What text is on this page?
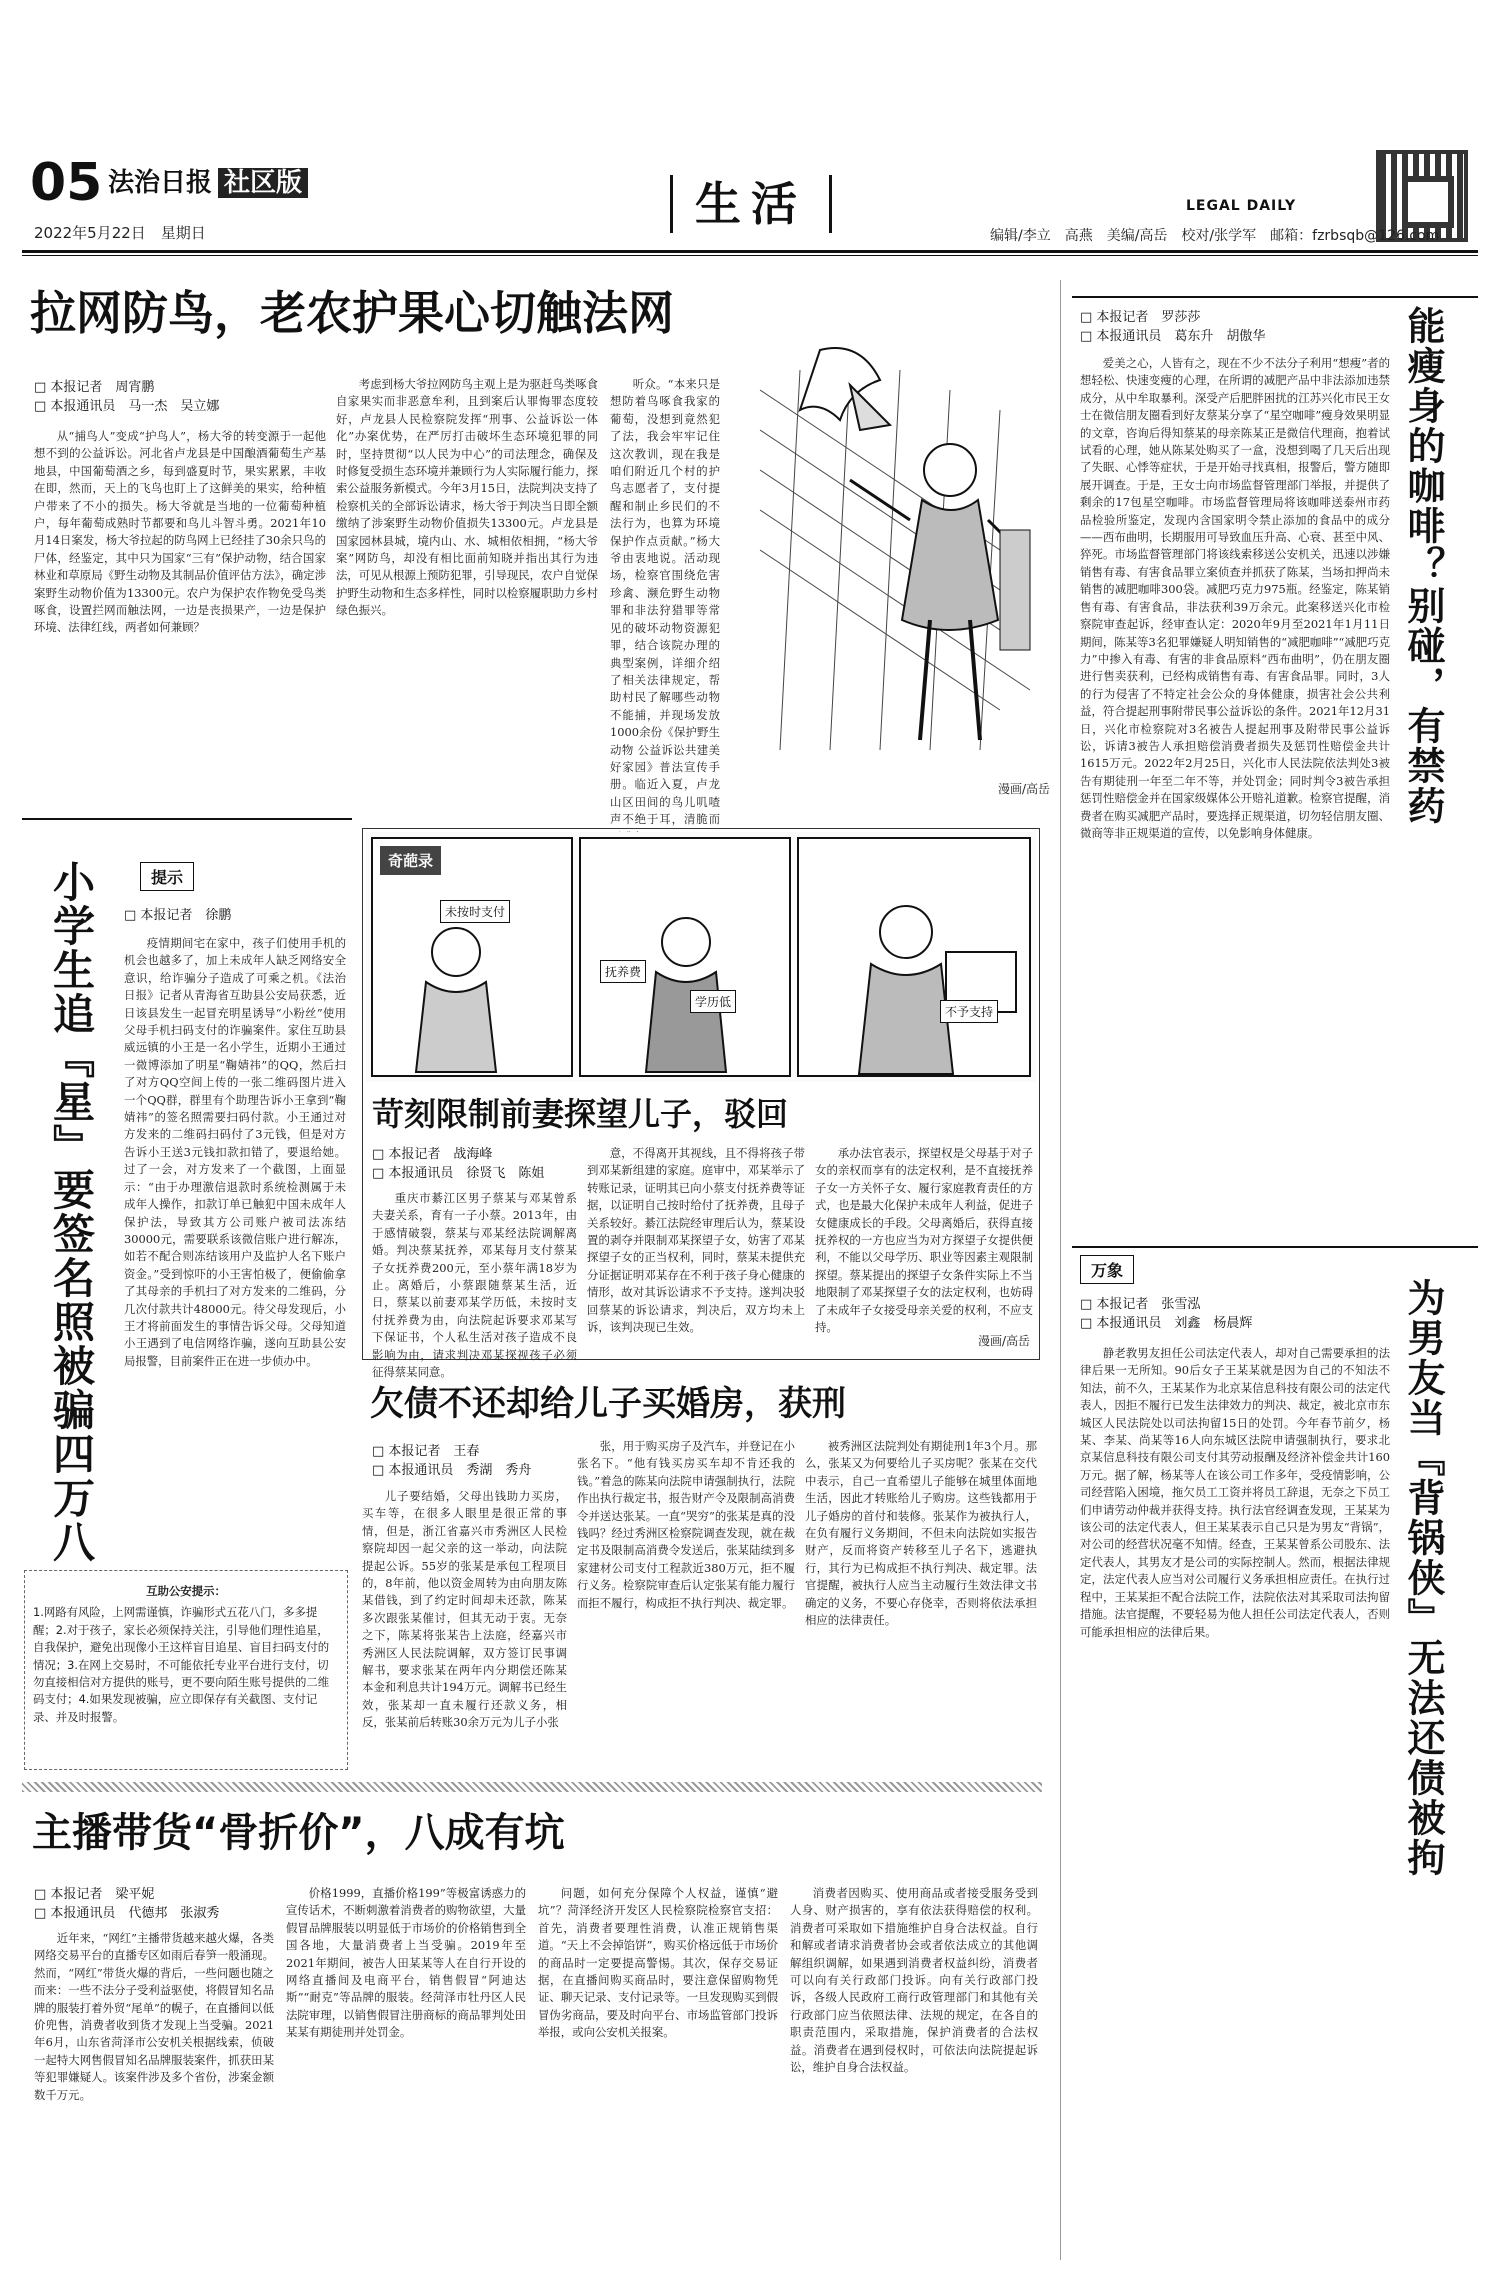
05 法治日报 社区版
2022年5月22日　星期日
生活	LEGAL DAILY
编辑/李立　高燕　美编/高岳　校对/张学军　邮箱：fzrbsqb@126.com
拉网防鸟，老农护果心切触法网
□ 本报记者　周宵鹏
□ 本报通讯员　马一杰　吴立娜

从“捕鸟人”变成“护鸟人”，杨大爷的转变源于一起他想不到的公益诉讼。河北省卢龙县是中国酿酒葡萄生产基地县，中国葡萄酒之乡，每到盛夏时节，果实累累，丰收在即，然而，天上的飞鸟也盯上了这鲜美的果实，给种植户带来了不小的损失。杨大爷就是当地的一位葡萄种植户，每年葡萄成熟时节都要和鸟儿斗智斗勇。2021年10月14日案发，杨大爷拉起的防鸟网上已经挂了30余只鸟的尸体，经鉴定，其中只为国家“三有”保护动物，结合国家林业和草原局《野生动物及其制品价值评估方法》，确定涉案野生动物价值为13300元。农户为保护农作物免受鸟类啄食，设置拦网而触法网，一边是丧损果产，一边是保护环境、法律红线，两者如何兼顾？

考虑到杨大爷拉网防鸟主观上是为驱赶鸟类啄食自家果实而非恶意牟利，且到案后认罪悔罪态度较好，卢龙县人民检察院发挥“刑事、公益诉讼一体化”办案优势，在严厉打击破坏生态环境犯罪的同时，坚持贯彻“以人民为中心”的司法理念，确保及时修复受损生态环境并兼顾行为人实际履行能力，探索公益服务新模式。今年3月15日，法院判决支持了检察机关的全部诉讼请求，杨大爷于判决当日即全额缴纳了涉案野生动物价值损失13300元。卢龙县是国家园林县城，境内山、水、城相依相拥，“杨大爷案”网防鸟，却没有相比面前知晓并指出其行为违法，可见从根源上预防犯罪，引导现民，农户自觉保护野生动物和生态多样性，同时以检察履职助力乡村绿色振兴。

听众。“本来只是想防着鸟啄食我家的葡萄，没想到竟然犯了法，我会牢牢记住这次教训，现在我是咱们附近几个村的护鸟志愿者了，支付提醒和制止乡民们的不法行为，也算为环境保护作点贡献。”杨大爷由衷地说。活动现场，检察官围绕危害珍禽、濒危野生动物罪和非法狩猎罪等常见的破坏动物资源犯罪，结合该院办理的典型案例，详细介绍了相关法律规定，帮助村民了解哪些动物不能捕，并现场发放1000余份《保护野生动物 公益诉讼共建美好家园》普法宣传手册。临近入夏，卢龙山区田间的鸟儿叽喳声不绝于耳，清脆而

漫画/高岳
小学生追『星』要签名照被骗四万八	提示
□ 本报记者　徐鹏

疫情期间宅在家中，孩子们使用手机的机会也越多了，加上未成年人缺乏网络安全意识，给诈骗分子造成了可乘之机。《法治日报》记者从青海省互助县公安局获悉，近日该县发生一起冒充明星诱导“小粉丝”使用父母手机扫码支付的诈骗案件。家住互助县威远镇的小王是一名小学生，近期小王通过一微博添加了明星“鞠婧祎”的QQ，然后扫了对方QQ空间上传的一张二维码图片进入一个QQ群，群里有个助理告诉小王拿到“鞠婧祎”的签名照需要扫码付款。小王通过对方发来的二维码扫码付了3元钱，但是对方告诉小王送3元钱扣款扣错了，要退给她。过了一会，对方发来了一个截图，上面显示：“由于办理激信退款时系统检测属于未成年人操作，扣款订单已触犯中国未成年人保护法，导致其方公司账户被司法冻结30000元，需要联系该微信账户进行解冻，如若不配合则冻结该用户及监护人名下账户资金。”受到惊吓的小王害怕极了，便偷偷拿了其母亲的手机扫了对方发来的二维码，分几次付款共计48000元。待父母发现后，小王才将前面发生的事情告诉父母。父母知道小王遇到了电信网络诈骗，遂向互助县公安局报警，目前案件正在进一步侦办中。

互助公安提示：
1.网路有风险，上网需谨慎，诈骗形式五花八门，多多提醒；2.对于孩子，家长必须保持关注，引导他们理性追星，自我保护，避免出现像小王这样盲目追星、盲目扫码支付的情况；3.在网上交易时，不可能依托专业平台进行支付，切勿直接相信对方提供的账号，更不要向陌生账号提供的二维码支付；4.如果发现被骗，应立即保存有关截图、支付记录、并及时报警。
奇葩录
未按时支付
抚养费
学历低
不予支持
苛刻限制前妻探望儿子，驳回
□ 本报记者　战海峰
□ 本报通讯员　徐贤飞　陈姐

重庆市綦江区男子蔡某与邓某曾系夫妻关系，育有一子小蔡。2013年，由于感情破裂，蔡某与邓某经法院调解离婚。判决蔡某抚养，邓某每月支付蔡某子女抚养费200元，至小蔡年满18岁为止。离婚后，小蔡跟随蔡某生活，近日，蔡某以前妻邓某学历低，未按时支付抚养费为由，向法院起诉要求邓某写下保证书，个人私生活对孩子造成不良影响为由，请求判决邓某探视孩子必须征得蔡某同意。

意，不得离开其视线，且不得将孩子带到邓某新组建的家庭。庭审中，邓某举示了转账记录，证明其已向小蔡支付抚养费等证据，以证明自己按时给付了抚养费，且母子关系较好。綦江法院经审理后认为，蔡某设置的剥夺并限制邓某探望子女，妨害了邓某探望子女的正当权利，同时，蔡某未提供充分证据证明邓某存在不利于孩子身心健康的情形，故对其诉讼请求不予支持。遂判决驳回蔡某的诉讼请求，判决后，双方均未上诉，该判决现已生效。

承办法官表示，探望权是父母基于对子女的亲权而享有的法定权利，是不直接抚养子女一方关怀子女、履行家庭教育责任的方式，也是最大化保护未成年人利益，促进子女健康成长的手段。父母离婚后，获得直接抚养权的一方也应当为对方探望子女提供便利，不能以父母学历、职业等因素主观限制探望。蔡某提出的探望子女条件实际上不当地限制了邓某探望子女的法定权利，也妨碍了未成年子女接受母亲关爱的权利，不应支持。

漫画/高岳
欠债不还却给儿子买婚房，获刑
□ 本报记者　王春
□ 本报通讯员　秀湖　秀舟

儿子要结婚，父母出钱助力买房，买车等，在很多人眼里是很正常的事情，但是，浙江省嘉兴市秀洲区人民检察院却因一起父亲的这一举动，向法院提起公诉。55岁的张某是承包工程项目的，8年前，他以资金周转为由向朋友陈某借钱，到了约定时间却未还款，陈某多次跟张某催讨，但其无动于衷。无奈之下，陈某将张某告上法庭，经嘉兴市秀洲区人民法院调解，双方签订民事调解书，要求张某在两年内分期偿还陈某本金和利息共计194万元。调解书已经生效，张某却一直未履行还款义务，相反，张某前后转账30余万元为儿子小张

张，用于购买房子及汽车，并登记在小张名下。“他有钱买房买车却不肯还我的钱。”着急的陈某向法院申请强制执行，法院作出执行裁定书，报告财产令及限制高消费令并送达张某。一直“哭穷”的张某是真的没钱吗？经过秀洲区检察院调查发现，就在裁定书及限制高消费令发送后，张某陆续到多家建材公司支付工程款近380万元，拒不履行义务。检察院审查后认定张某有能力履行而拒不履行，构成拒不执行判决、裁定罪。

被秀洲区法院判处有期徒刑1年3个月。那么，张某又为何要给儿子买房呢？张某在交代中表示，自己一直希望儿子能够在城里体面地生活，因此才转账给儿子购房。这些钱都用于儿子婚房的首付和装修。张某作为被执行人，在负有履行义务期间，不但未向法院如实报告财产，反而将资产转移至儿子名下，逃避执行，其行为已构成拒不执行判决、裁定罪。法官提醒，被执行人应当主动履行生效法律文书确定的义务，不要心存侥幸，否则将依法承担相应的法律责任。

主播带货“骨折价”，八成有坑
□ 本报记者　梁平妮
□ 本报通讯员　代德邦　张淑秀

近年来，“网红”主播带货越来越火爆，各类网络交易平台的直播专区如雨后春笋一般涌现。然而，“网红”带货火爆的背后，一些问题也随之而来：一些不法分子受利益驱使，将假冒知名品牌的服装打着外贸“尾单”的幌子，在直播间以低价兜售，消费者收到货才发现上当受骗。2021年6月，山东省菏泽市公安机关根据线索，侦破一起特大网售假冒知名品牌服装案件，抓获田某等犯罪嫌疑人。该案件涉及多个省份，涉案金额数千万元。

价格1999，直播价格199”等极富诱惑力的宣传话术，不断刺激着消费者的购物欲望，大量假冒品牌服装以明显低于市场价的价格销售到全国各地，大量消费者上当受骗。2019年至2021年期间，被告人田某某等人在自行开设的网络直播间及电商平台，销售假冒“阿迪达斯”“耐克”等品牌的服装。经菏泽市牡丹区人民法院审理，以销售假冒注册商标的商品罪判处田某某有期徒刑并处罚金。

问题，如何充分保障个人权益，谨慎“避坑”？菏泽经济开发区人民检察院检察官支招：首先，消费者要理性消费，认准正规销售渠道。“天上不会掉馅饼”，购买价格远低于市场价的商品时一定要提高警惕。其次，保存交易证据，在直播间购买商品时，要注意保留购物凭证、聊天记录、支付记录等。一旦发现购买到假冒伪劣商品，要及时向平台、市场监管部门投诉举报，或向公安机关报案。

消费者因购买、使用商品或者接受服务受到人身、财产损害的，享有依法获得赔偿的权利。消费者可采取如下措施维护自身合法权益。自行和解或者请求消费者协会或者依法成立的其他调解组织调解，如果遇到消费者权益纠纷，消费者可以向有关行政部门投诉。向有关行政部门投诉，各级人民政府工商行政管理部门和其他有关行政部门应当依照法律、法规的规定，在各自的职责范围内，采取措施，保护消费者的合法权益。消费者在遇到侵权时，可依法向法院提起诉讼，维护自身合法权益。

□ 本报记者　罗莎莎
□ 本报通讯员　葛东升　胡傲华	能瘦身的咖啡？别碰，有禁药

爱美之心，人皆有之，现在不少不法分子利用“想瘦”者的想轻松、快速变瘦的心理，在所谓的减肥产品中非法添加违禁成分，从中牟取暴利。深受产后肥胖困扰的江苏兴化市民王女士在微信朋友圈看到好友蔡某分享了“星空咖啡”瘦身效果明显的文章，咨询后得知蔡某的母亲陈某正是微信代理商，抱着试试看的心理，她从陈某处购买了一盒，没想到喝了几天后出现了失眠、心悸等症状，于是开始寻找真相，报警后，警方随即展开调查。于是，王女士向市场监督管理部门举报，并提供了剩余的17包星空咖啡。市场监督管理局将该咖啡送泰州市药品检验所鉴定，发现内含国家明令禁止添加的食品中的成分——西布曲明，长期服用可导致血压升高、心衰、甚至中风、猝死。市场监督管理部门将该线索移送公安机关，迅速以涉嫌销售有毒、有害食品罪立案侦查并抓获了陈某，当场扣押尚未销售的减肥咖啡300袋。减肥巧克力975瓶。经鉴定，陈某销售有毒、有害食品，非法获利39万余元。此案移送兴化市检察院审查起诉，经审查认定：2020年9月至2021年1月11日期间，陈某等3名犯罪嫌疑人明知销售的“减肥咖啡”“减肥巧克力”中掺入有毒、有害的非食品原料“西布曲明”，仍在朋友圈进行售卖获利，已经构成销售有毒、有害食品罪。同时，3人的行为侵害了不特定社会公众的身体健康，损害社会公共利益，符合提起刑事附带民事公益诉讼的条件。2021年12月31日，兴化市检察院对3名被告人提起刑事及附带民事公益诉讼，诉请3被告人承担赔偿消费者损失及惩罚性赔偿金共计1615万元。2022年2月25日，兴化市人民法院依法判处3被告有期徒刑一年至二年不等，并处罚金；同时判令3被告承担惩罚性赔偿金并在国家级媒体公开赔礼道歉。检察官提醒，消费者在购买减肥产品时，要选择正规渠道，切勿轻信朋友圈、微商等非正规渠道的宣传，以免影响身体健康。

万象
□ 本报记者　张雪泓
□ 本报通讯员　刘鑫　杨晨辉	为男友当『背锅侠』无法还债被拘

静老教男友担任公司法定代表人，却对自己需要承担的法律后果一无所知。90后女子王某某就是因为自己的不知法不知法，前不久，王某某作为北京某信息科技有限公司的法定代表人，因拒不履行已发生法律效力的判决、裁定，被北京市东城区人民法院处以司法拘留15日的处罚。今年春节前夕，杨某、李某、尚某等16人向东城区法院申请强制执行，要求北京某信息科技有限公司支付其劳动报酬及经济补偿金共计160万元。据了解，杨某等人在该公司工作多年，受疫情影响，公司经营陷入困境，拖欠员工工资并将员工辞退，无奈之下员工们申请劳动仲裁并获得支持。执行法官经调查发现，王某某为该公司的法定代表人，但王某某表示自己只是为男友“背锅”，对公司的经营状况毫不知情。经查，王某某曾系公司股东、法定代表人，其男友才是公司的实际控制人。然而，根据法律规定，法定代表人应当对公司履行义务承担相应责任。在执行过程中，王某某拒不配合法院工作，法院依法对其采取司法拘留措施。法官提醒，不要轻易为他人担任公司法定代表人，否则可能承担相应的法律后果。
